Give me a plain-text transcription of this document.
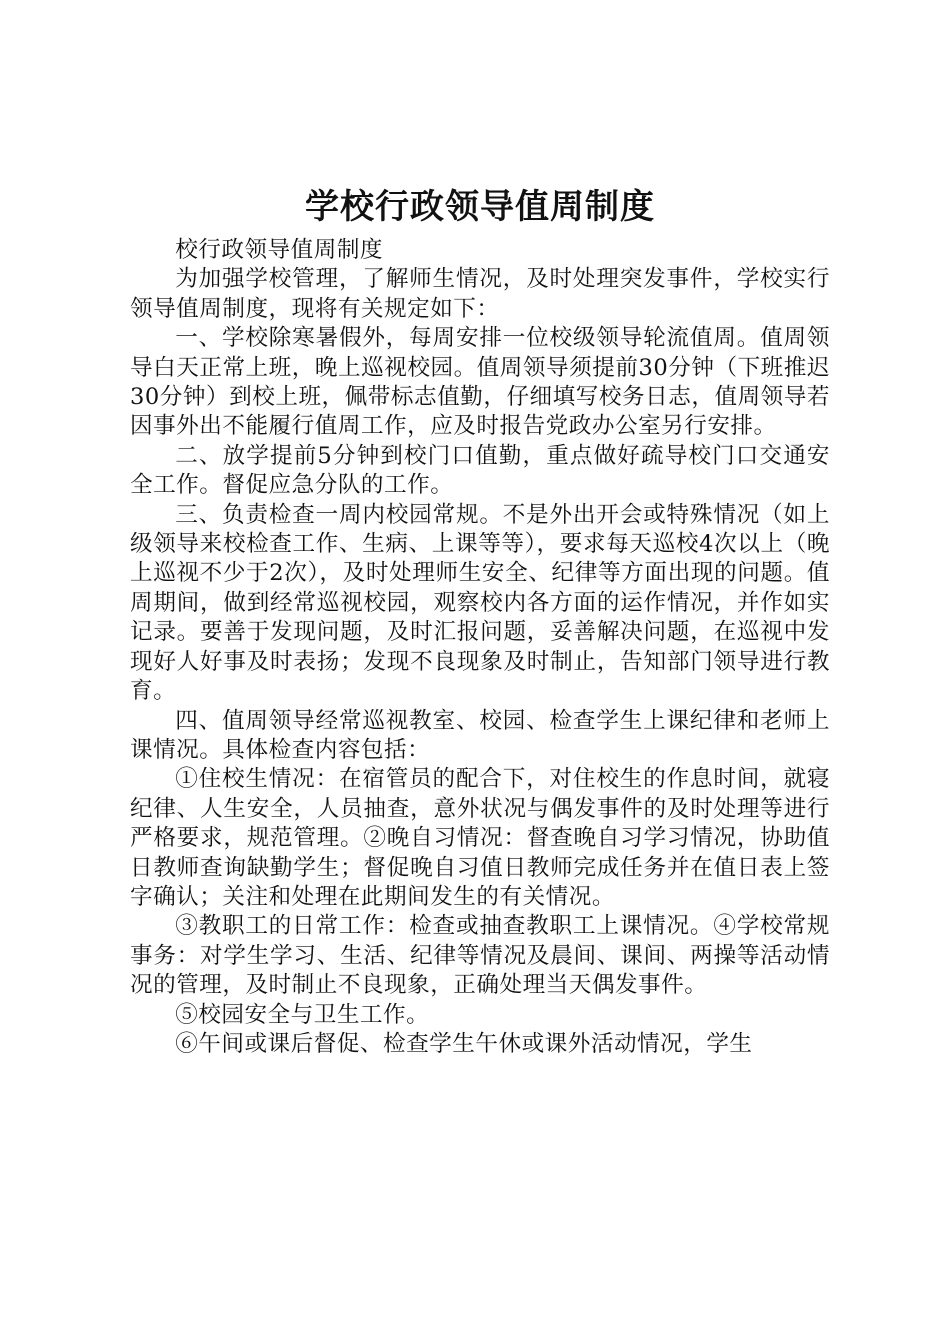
学校行政领导值周制度

校行政领导值周制度

为加强学校管理，了解师生情况，及时处理突发事件，学校实行领导值周制度，现将有关规定如下：

一、学校除寒暑假外，每周安排一位校级领导轮流值周。值周领导白天正常上班，晚上巡视校园。值周领导须提前30分钟（下班推迟30分钟）到校上班，佩带标志值勤，仔细填写校务日志，值周领导若因事外出不能履行值周工作，应及时报告党政办公室另行安排。

二、放学提前5分钟到校门口值勤，重点做好疏导校门口交通安全工作。督促应急分队的工作。

三、负责检查一周内校园常规。不是外出开会或特殊情况（如上级领导来校检查工作、生病、上课等等），要求每天巡校4次以上（晚上巡视不少于2次），及时处理师生安全、纪律等方面出现的问题。值周期间，做到经常巡视校园，观察校内各方面的运作情况，并作如实记录。要善于发现问题，及时汇报问题，妥善解决问题，在巡视中发现好人好事及时表扬；发现不良现象及时制止，告知部门领导进行教育。

四、值周领导经常巡视教室、校园、检查学生上课纪律和老师上课情况。具体检查内容包括：

①住校生情况：在宿管员的配合下，对住校生的作息时间，就寝纪律、人生安全，人员抽查，意外状况与偶发事件的及时处理等进行严格要求，规范管理。②晚自习情况：督查晚自习学习情况，协助值日教师查询缺勤学生；督促晚自习值日教师完成任务并在值日表上签字确认；关注和处理在此期间发生的有关情况。

③教职工的日常工作：检查或抽查教职工上课情况。④学校常规事务：对学生学习、生活、纪律等情况及晨间、课间、两操等活动情况的管理，及时制止不良现象，正确处理当天偶发事件。

⑤校园安全与卫生工作。

⑥午间或课后督促、检查学生午休或课外活动情况，学生
